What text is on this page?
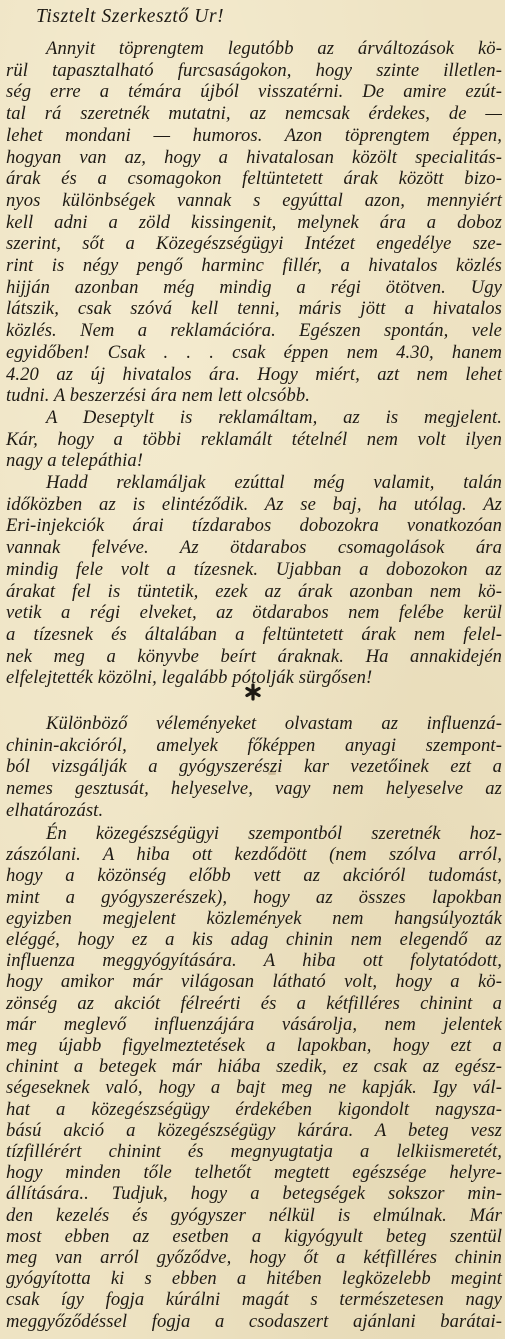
Tisztelt Szerkesztő Ur!
Annyit töprengtem legutóbb az árváltozások kö-
rül tapasztalható furcsaságokon, hogy szinte illetlen-
ség erre a témára újból visszatérni. De amire ezút-
tal rá szeretnék mutatni, az nemcsak érdekes, de —
lehet mondani — humoros. Azon töprengtem éppen,
hogyan van az, hogy a hivatalosan közölt specialitás-
árak és a csomagokon feltüntetett árak között bizo-
nyos különbségek vannak s egyúttal azon, mennyiért
kell adni a zöld kissingenit, melynek ára a doboz
szerint, sőt a Közegészségügyi Intézet engedélye sze-
rint is négy pengő harminc fillér, a hivatalos közlés
hijján azonban még mindig a régi ötötven. Ugy
látszik, csak szóvá kell tenni, máris jött a hivatalos
közlés. Nem a reklamációra. Egészen spontán, vele
egyidőben! Csak . . . csak éppen nem 4.30, hanem
4.20 az új hivatalos ára. Hogy miért, azt nem lehet
tudni. A beszerzési ára nem lett olcsóbb.
A Deseptylt is reklamáltam, az is megjelent.
Kár, hogy a többi reklamált tételnél nem volt ilyen
nagy a telepáthia!
Hadd reklamáljak ezúttal még valamit, talán
időközben az is elintéződik. Az se baj, ha utólag. Az
Eri-injekciók árai tízdarabos dobozokra vonatkozóan
vannak felvéve. Az ötdarabos csomagolások ára
mindig fele volt a tízesnek. Ujabban a dobozokon az
árakat fel is tüntetik, ezek az árak azonban nem kö-
vetik a régi elveket, az ötdarabos nem felébe kerül
a tízesnek és általában a feltüntetett árak nem felel-
nek meg a könyvbe beírt áraknak. Ha annakidején
elfelejtették közölni, legalább pótolják sürgősen!
Különböző véleményeket olvastam az influenzá-
chinin-akcióról, amelyek főképpen anyagi szempont-
ból vizsgálják a gyógyszerészi kar vezetőinek ezt a
nemes gesztusát, helyeselve, vagy nem helyeselve az
elhatározást.
Én közegészségügyi szempontból szeretnék hoz-
zászólani. A hiba ott kezdődött (nem szólva arról,
hogy a közönség előbb vett az akcióról tudomást,
mint a gyógyszerészek), hogy az összes lapokban
egyizben megjelent közlemények nem hangsúlyozták
eléggé, hogy ez a kis adag chinin nem elegendő az
influenza meggyógyítására. A hiba ott folytatódott,
hogy amikor már világosan látható volt, hogy a kö-
zönség az akciót félreérti és a kétfilléres chinint a
már meglevő influenzájára vásárolja, nem jelentek
meg újabb figyelmeztetések a lapokban, hogy ezt a
chinint a betegek már hiába szedik, ez csak az egész-
ségeseknek való, hogy a bajt meg ne kapják. Igy vál-
hat a közegészségügy érdekében kigondolt nagysza-
bású akció a közegészségügy kárára. A beteg vesz
tízfillérért chinint és megnyugtatja a lelkiismeretét,
hogy minden tőle telhetőt megtett egészsége helyre-
állítására.. Tudjuk, hogy a betegségek sokszor min-
den kezelés és gyógyszer nélkül is elmúlnak. Már
most ebben az esetben a kigyógyult beteg szentül
meg van arról győződve, hogy őt a kétfilléres chinin
gyógyította ki s ebben a hitében legközelebb megint
csak így fogja kúrálni magát s természetesen nagy
meggyőződéssel fogja a csodaszert ajánlani barátai-
